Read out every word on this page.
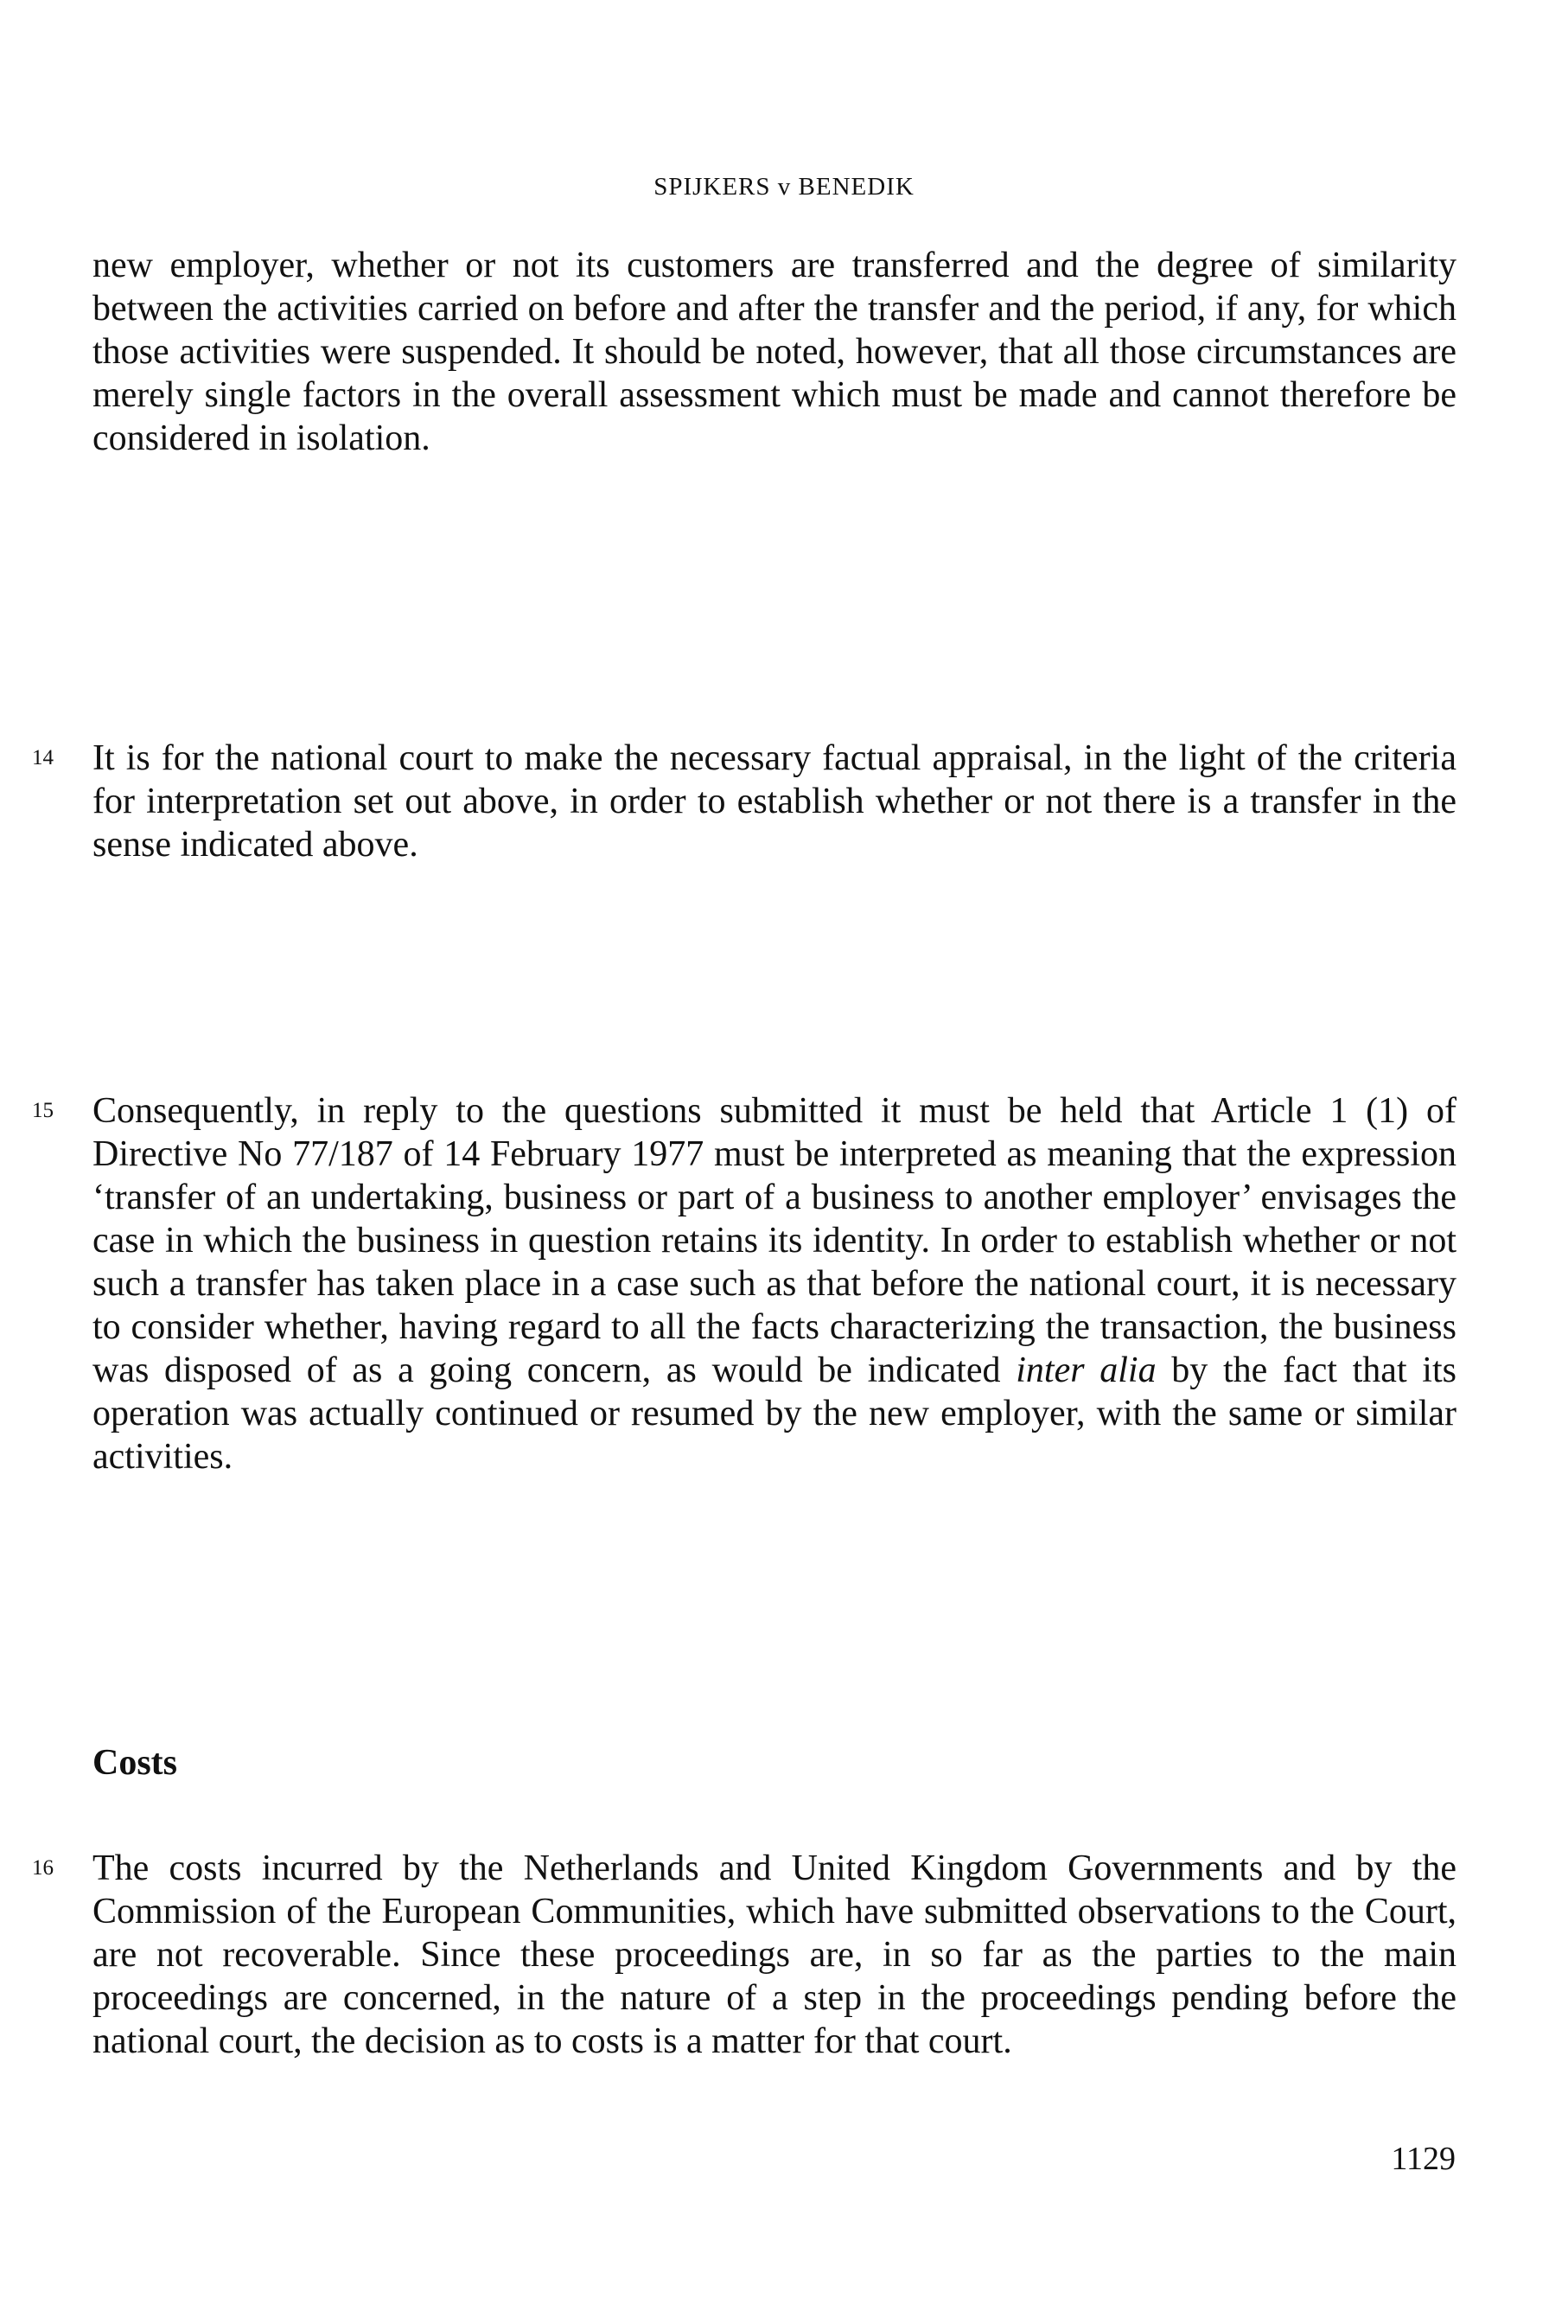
SPIJKERS v BENEDIK
new employer, whether or not its customers are transferred and the degree of similarity between the activities carried on before and after the transfer and the period, if any, for which those activities were suspended. It should be noted, however, that all those circumstances are merely single factors in the overall assessment which must be made and cannot therefore be considered in isolation.
14 It is for the national court to make the necessary factual appraisal, in the light of the criteria for interpretation set out above, in order to establish whether or not there is a transfer in the sense indicated above.
15 Consequently, in reply to the questions submitted it must be held that Article 1 (1) of Directive No 77/187 of 14 February 1977 must be interpreted as meaning that the expression ‘transfer of an undertaking, business or part of a business to another employer’ envisages the case in which the business in question retains its identity. In order to establish whether or not such a transfer has taken place in a case such as that before the national court, it is necessary to consider whether, having regard to all the facts characterizing the transaction, the business was disposed of as a going concern, as would be indicated inter alia by the fact that its operation was actually continued or resumed by the new employer, with the same or similar activities.
Costs
16 The costs incurred by the Netherlands and United Kingdom Governments and by the Commission of the European Communities, which have submitted observations to the Court, are not recoverable. Since these proceedings are, in so far as the parties to the main proceedings are concerned, in the nature of a step in the proceedings pending before the national court, the decision as to costs is a matter for that court.
1129
